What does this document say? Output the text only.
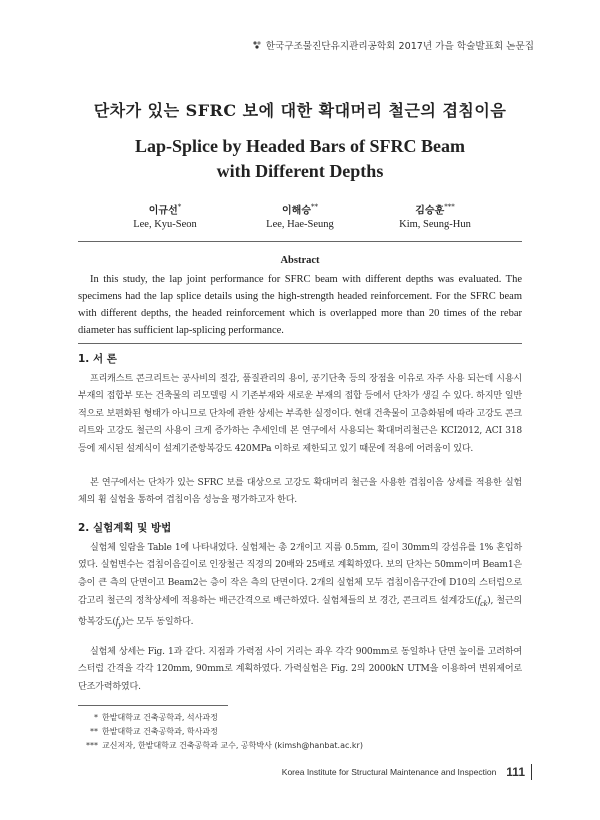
한국구조물진단유지관리공학회 2017년 가을 학술발표회 논문집
단차가 있는 SFRC 보에 대한 확대머리 철근의 겹침이음
Lap-Splice by Headed Bars of SFRC Beam
with Different Depths
이규선*
Lee, Kyu-Seon
이해승**
Lee, Hae-Seung
김승훈***
Kim, Seung-Hun
Abstract

In this study, the lap joint performance for SFRC beam with different depths was evaluated. The specimens had the lap splice details using the high-strength headed reinforcement. For the SFRC beam with different depths, the headed reinforcement which is overlapped more than 20 times of the rebar diameter has sufficient lap-splicing performance.

1. 서 론

프리캐스트 콘크리트는 공사비의 절감, 품질관리의 용이, 공기단축 등의 장점을 이유로 자주 사용 되는데 시용시 부재의 접합부 또는 건축물의 리모델링 시 기존부재와 새로운 부재의 접합 등에서 단차가 생길 수 있다. 하지만 일반적으로 보편화된 형태가 아니므로 단차에 관한 상세는 부족한 실정이다. 현대 건축물이 고층화됨에 따라 고강도 콘크리트와 고강도 철근의 사용이 크게 증가하는 추세인데 본 연구에서 사용되는 확대머리철근은 KCI2012, ACI 318등에 제시된 설계식이 설계기준항복강도 420MPa 이하로 제한되고 있기 때문에 적용에 어려움이 있다.

본 연구에서는 단차가 있는 SFRC 보를 대상으로 고강도 확대머리 철근을 사용한 겹침이음 상세를 적용한 실험체의 휨 실험을 통하여 겹침이음 성능을 평가하고자 한다.

2. 실험계획 및 방법

실험체 일람을 Table 1에 나타내었다. 실험체는 총 2개이고 지름 0.5mm, 길이 30mm의 강섬유를 1% 혼입하였다. 실험변수는 겹침이음길이로 인장철근 직경의 20배와 25배로 계획하였다. 보의 단차는 50mm이며 Beam1은 층이 큰 측의 단면이고 Beam2는 층이 작은 측의 단면이다. 2개의 실험체 모두 겹침이음구간에 D10의 스터럽으로 감고리 철근의 정착상세에 적용하는 배근간격으로 배근하였다. 실험체들의 보 경간, 콘크리트 설계강도$(f_{ck})$, 철근의 항복강도$(f_y)$는 모두 동일하다.

실험체 상세는 Fig. 1과 같다. 지점과 가력점 사이 거리는 좌우 각각 900mm로 동일하나 단면 높이를 고려하여 스터럽 간격을 각각 120mm, 90mm로 계획하였다. 가력실험은 Fig. 2의 2000kN UTM을 이용하여 변위제어로 단조가력하였다.

* 한밭대학교 건축공학과, 석사과정
** 한밭대학교 건축공학과, 학사과정
*** 교신저자, 한밭대학교 건축공학과 교수, 공학박사 (kimsh@hanbat.ac.kr)
Korea Institute for Structural Maintenance and Inspection 111
